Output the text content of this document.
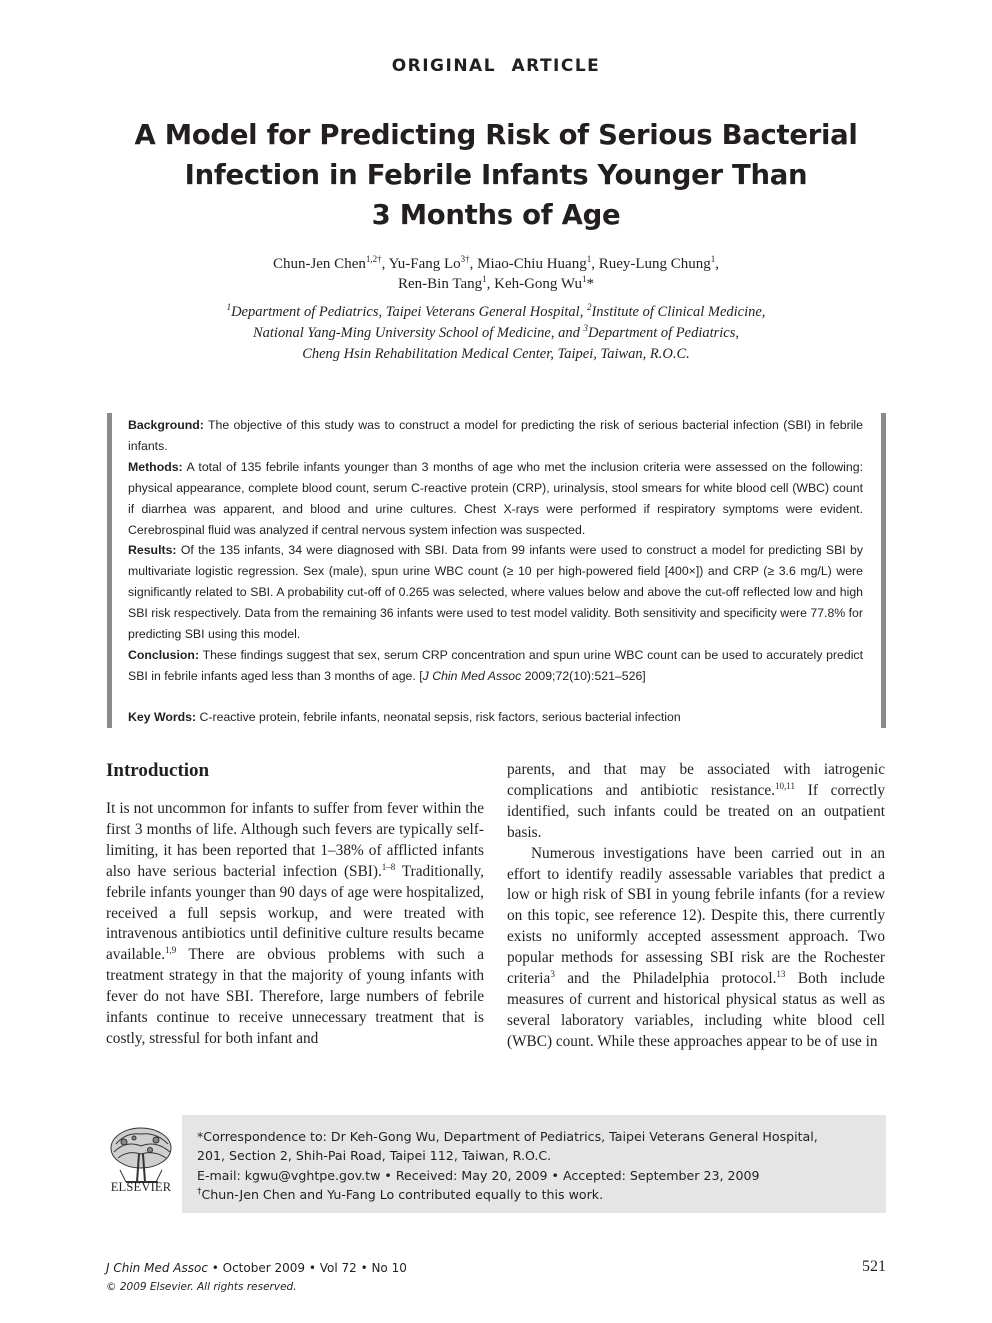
ORIGINAL ARTICLE
A Model for Predicting Risk of Serious Bacterial
Infection in Febrile Infants Younger Than
3 Months of Age
Chun-Jen Chen$^{1,2\dagger}$, Yu-Fang $Lo^{3\dagger}$, Miao-Chiu Huang$^1$, Ruey-Lung Chung$^1$,
Ren-Bin Tang$^1$, Keh-Gong Wu$^1$*
$^1$Department of Pediatrics, Taipei Veterans General Hospital, $^2$Institute of Clinical Medicine,
National Yang-Ming University School of Medicine, and $^3$Department of Pediatrics,
Cheng Hsin Rehabilitation Medical Center, Taipei, Taiwan, R.O.C.

Background: The objective of this study was to construct a model for predicting the risk of serious bacterial infection (SBI) in febrile infants.

Methods: A total of 135 febrile infants younger than 3 months of age who met the inclusion criteria were assessed on the following: physical appearance, complete blood count, serum C-reactive protein (CRP), urinalysis, stool smears for white blood cell (WBC) count if diarrhea was apparent, and blood and urine cultures. Chest X-rays were performed if respiratory symptoms were evident. Cerebrospinal fluid was analyzed if central nervous system infection was suspected.

Results: Of the 135 infants, 34 were diagnosed with SBI. Data from 99 infants were used to construct a model for predicting SBI by multivariate logistic regression. Sex (male), spun urine WBC count (≥ 10 per high-powered field [400×]) and CRP (≥ 3.6 mg/L) were significantly related to SBI. A probability cut-off of 0.265 was selected, where values below and above the cut-off reflected low and high SBI risk respectively. Data from the remaining 36 infants were used to test model validity. Both sensitivity and specificity were 77.8% for predicting SBI using this model.

Conclusion: These findings suggest that sex, serum CRP concentration and spun urine WBC count can be used to accurately predict SBI in febrile infants aged less than 3 months of age. [J Chin Med Assoc 2009;72(10):521–526]

Key Words: C-reactive protein, febrile infants, neonatal sepsis, risk factors, serious bacterial infection

Introduction

It is not uncommon for infants to suffer from fever within the first 3 months of life. Although such fevers are typically self-limiting, it has been reported that 1–38% of afflicted infants also have serious bacterial infection (SBI).$^{1-8}$ Traditionally, febrile infants younger than 90 days of age were hospitalized, received a full sepsis workup, and were treated with intravenous antibiotics until definitive culture results became available.$^{1,9}$ There are obvious problems with such a treatment strategy in that the majority of young infants with fever do not have SBI. Therefore, large numbers of febrile infants continue to receive unnecessary treatment that is costly, stressful for both infant and

parents, and that may be associated with iatrogenic complications and antibiotic resistance.$^{10,11}$ If correctly identified, such infants could be treated on an outpatient basis.

Numerous investigations have been carried out in an effort to identify readily assessable variables that predict a low or high risk of SBI in young febrile infants (for a review on this topic, see reference 12). Despite this, there currently exists no uniformly accepted assessment approach. Two popular methods for assessing SBI risk are the Rochester criteria$^3$ and the Philadelphia protocol.$^{13}$ Both include measures of current and historical physical status as well as several laboratory variables, including white blood cell (WBC) count. While these approaches appear to be of use in

ELSEVIER

*Correspondence to: Dr Keh-Gong Wu, Department of Pediatrics, Taipei Veterans General Hospital,

201, Section 2, Shih-Pai Road, Taipei 112, Taiwan, R.O.C.

E-mail: kgwu@vghtpe.gov.tw • Received: May 20, 2009 • Accepted: September 23, 2009

†Chun-Jen Chen and Yu-Fang Lo contributed equally to this work.

J Chin Med Assoc • October 2009 • Vol 72 • No 10
© 2009 Elsevier. All rights reserved.
521
